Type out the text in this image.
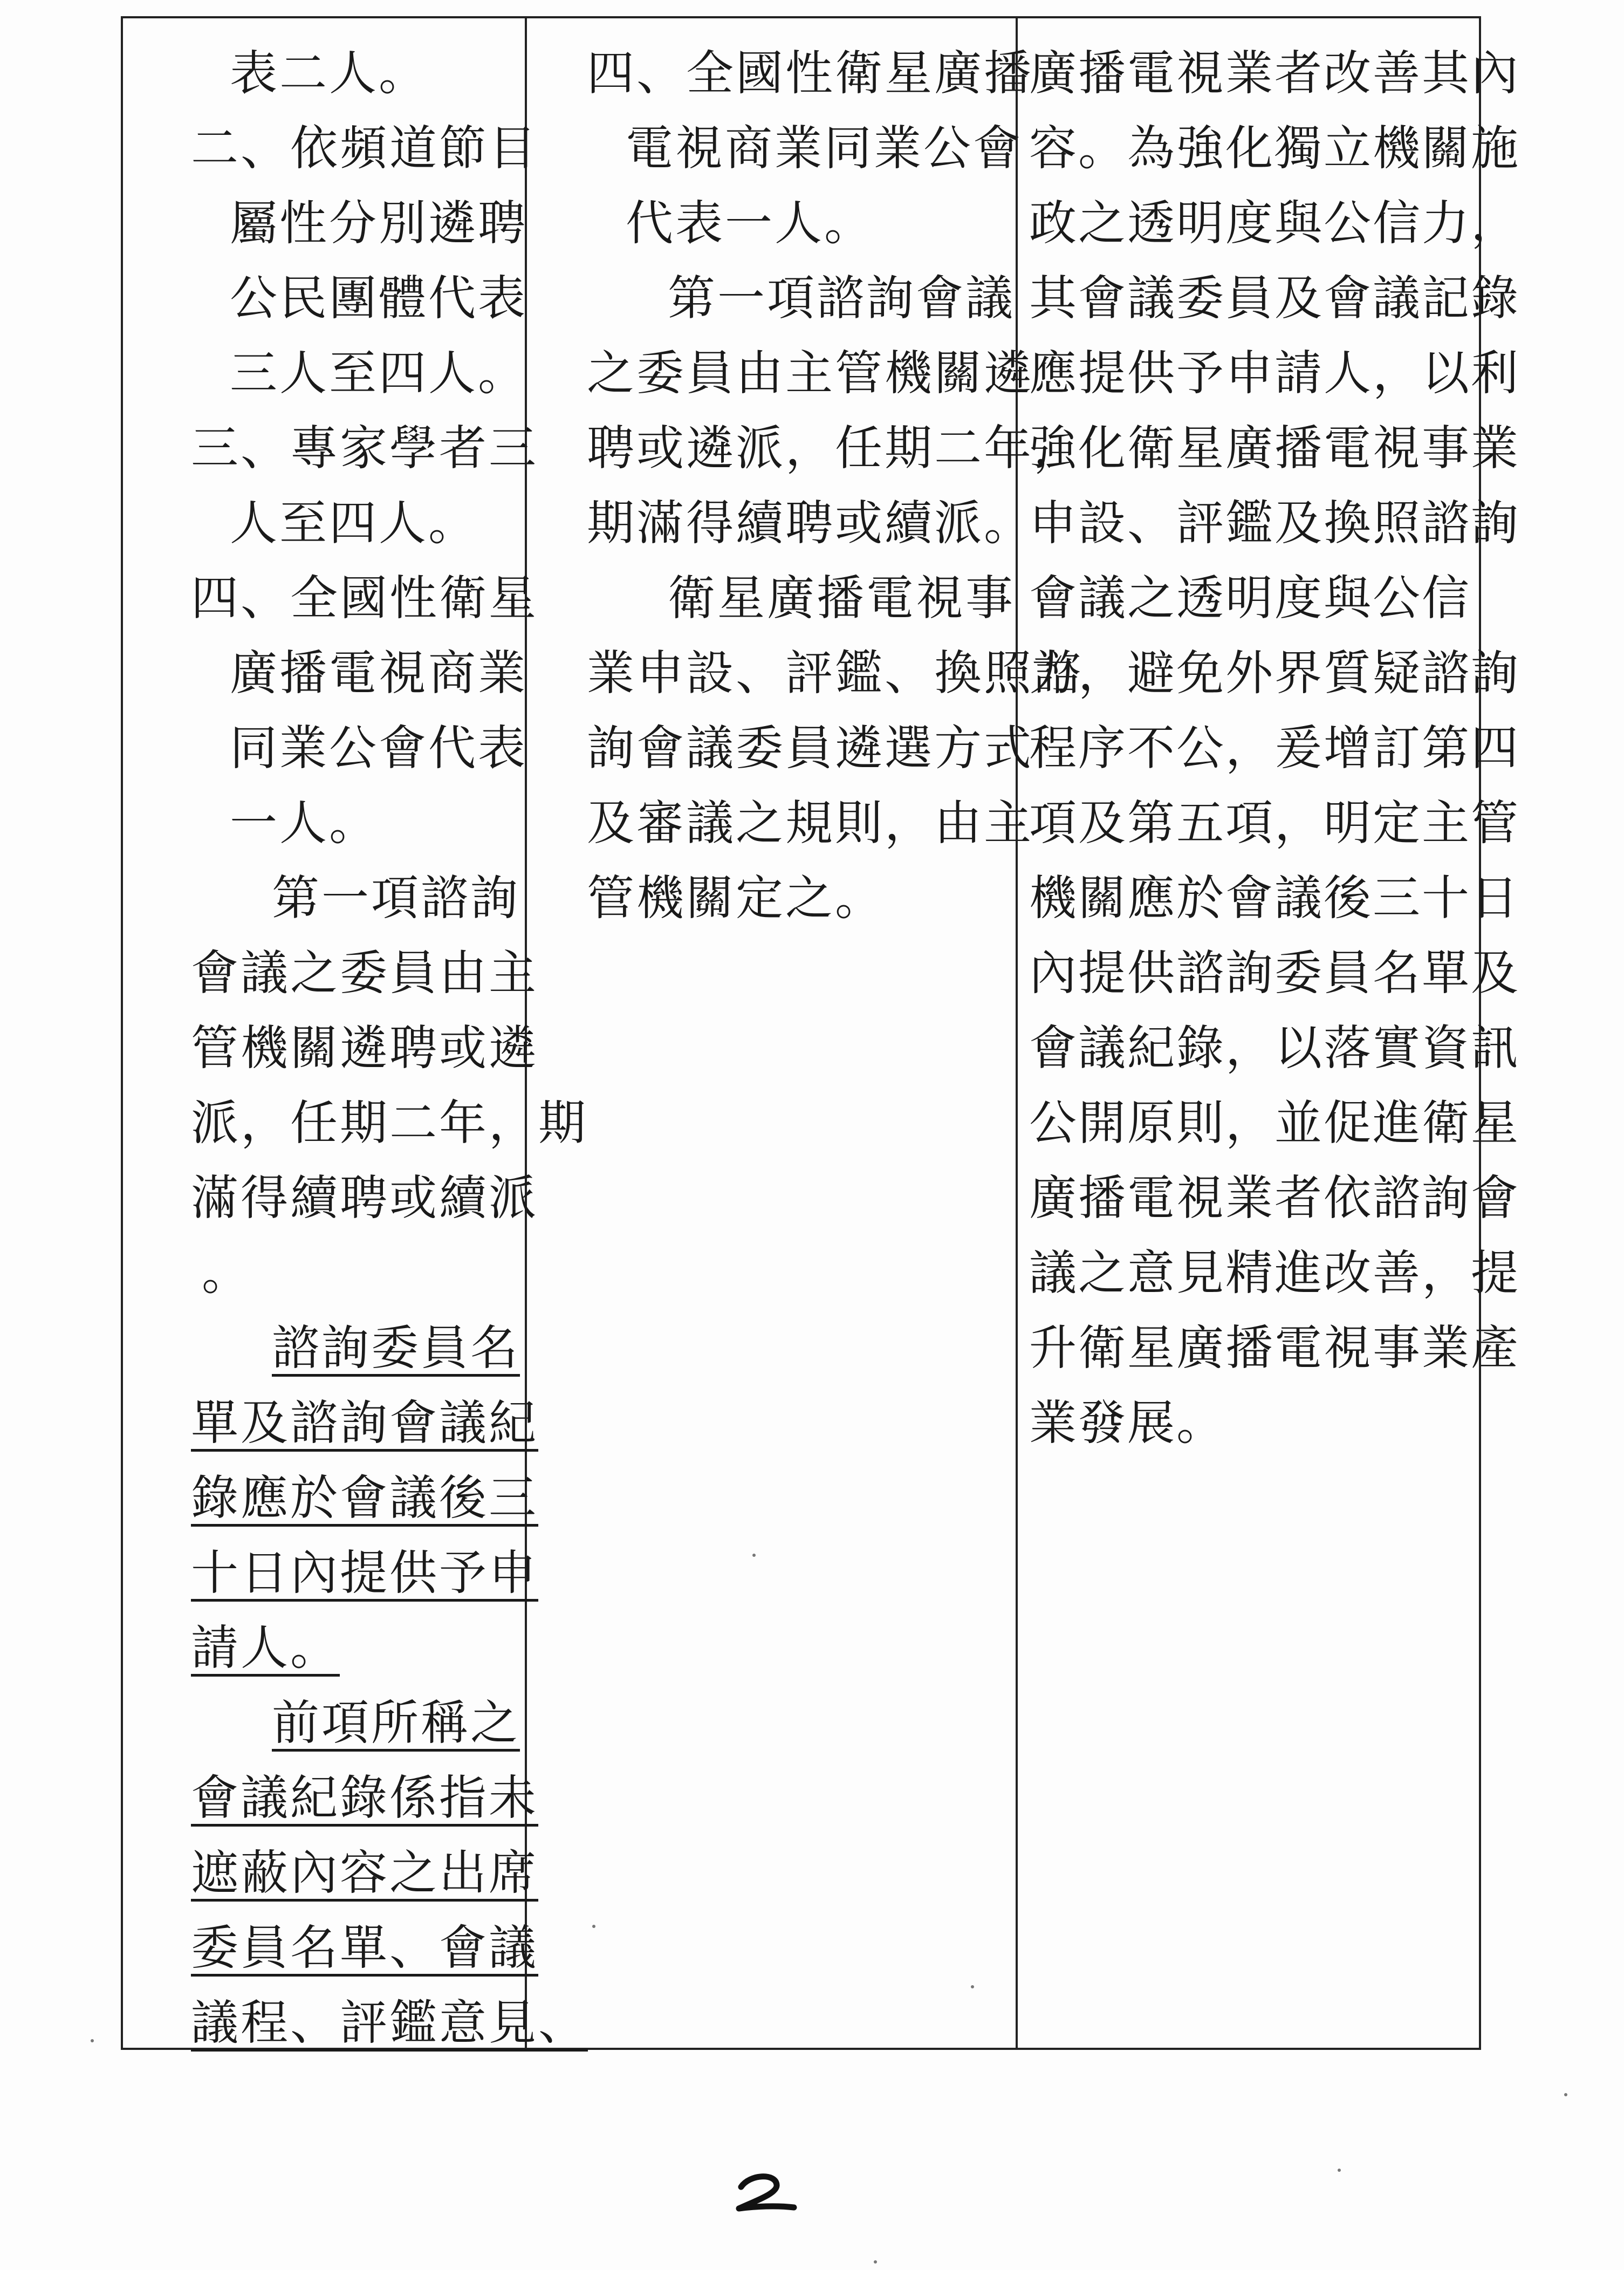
表二人。
二、依頻道節目
屬性分別遴聘
公民團體代表
三人至四人。
三、專家學者三
人至四人。
四、全國性衛星
廣播電視商業
同業公會代表
一人。
第一項諮詢
會議之委員由主
管機關遴聘或遴
派，任期二年，期
滿得續聘或續派
。
諮詢委員名
單及諮詢會議紀
錄應於會議後三
十日內提供予申
請人。
前項所稱之
會議紀錄係指未
遮蔽內容之出席
委員名單、會議
議程、評鑑意見、
四、全國性衛星廣播
電視商業同業公會
代表一人。
第一項諮詢會議
之委員由主管機關遴
聘或遴派，任期二年，
期滿得續聘或續派。
衛星廣播電視事
業申設、評鑑、換照諮
詢會議委員遴選方式
及審議之規則，由主
管機關定之。
廣播電視業者改善其內
容。為強化獨立機關施
政之透明度與公信力，
其會議委員及會議記錄
應提供予申請人，以利
強化衛星廣播電視事業
申設、評鑑及換照諮詢
會議之透明度與公信
力，避免外界質疑諮詢
程序不公，爰增訂第四
項及第五項，明定主管
機關應於會議後三十日
內提供諮詢委員名單及
會議紀錄，以落實資訊
公開原則，並促進衛星
廣播電視業者依諮詢會
議之意見精進改善，提
升衛星廣播電視事業產
業發展。
